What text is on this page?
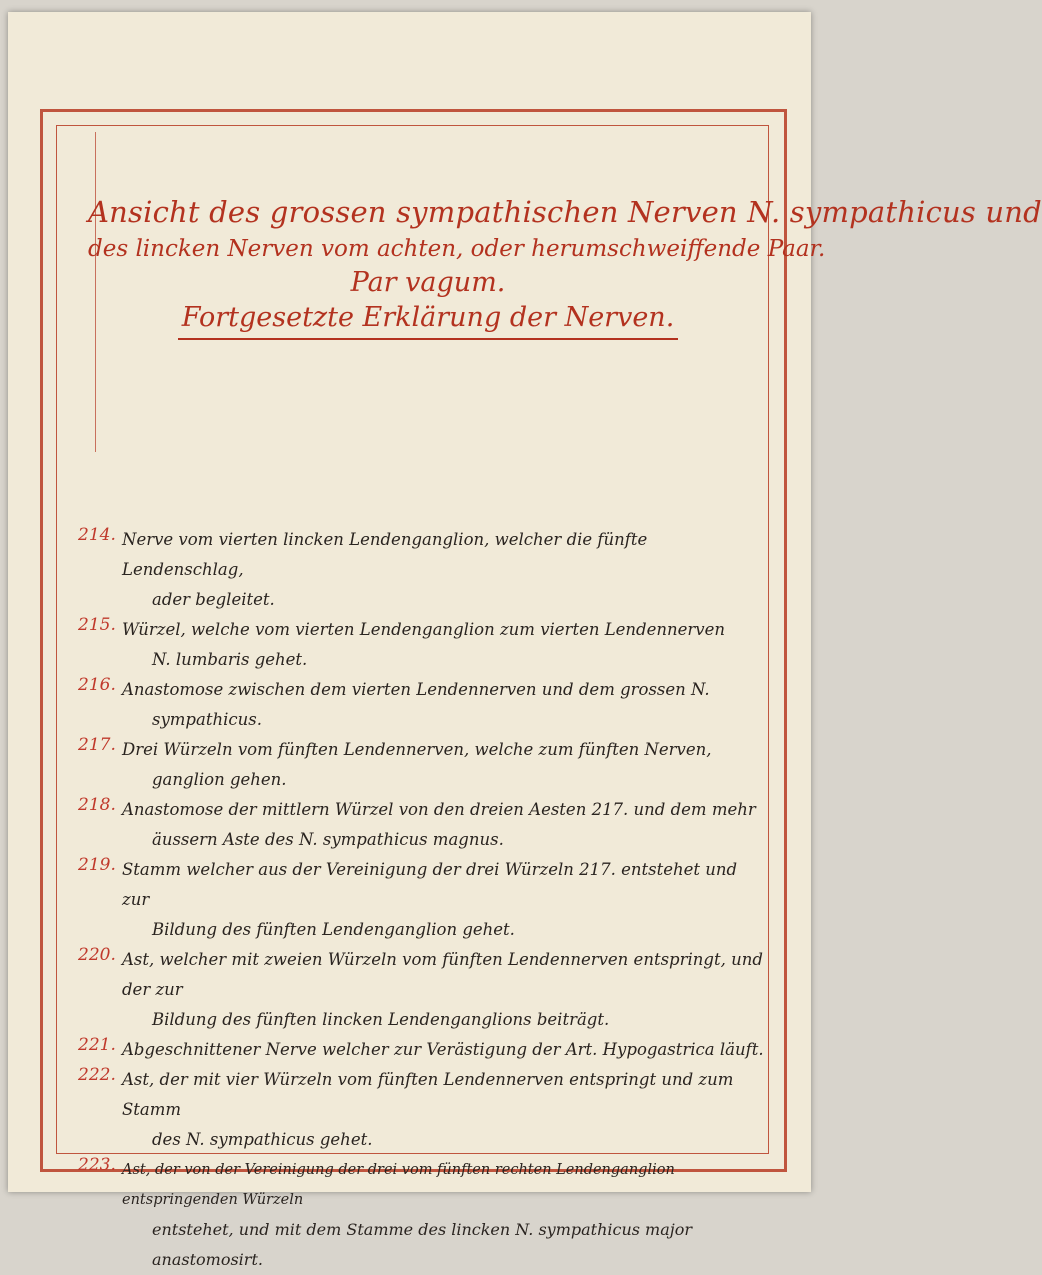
Ansicht des grossen sympathischen Nerven N. sympathicus und
des lincken Nerven vom achten, oder herumschweiffende Paar.
Par vagum.
Fortgesetzte Erklärung der Nerven.
214. Nerve vom vierten lincken Lendenganglion, welcher die fünfte Lendenschlag,
ader begleitet.
215. Würzel, welche vom vierten Lendenganglion zum vierten Lendennerven
N. lumbaris gehet.
216. Anastomose zwischen dem vierten Lendennerven und dem grossen N.
sympathicus.
217. Drei Würzeln vom fünften Lendennerven, welche zum fünften Nerven,
ganglion gehen.
218. Anastomose der mittlern Würzel von den dreien Aesten 217. und dem mehr
äussern Aste des N. sympathicus magnus.
219. Stamm welcher aus der Vereinigung der drei Würzeln 217. entstehet und zur
Bildung des fünften Lendenganglion gehet.
220. Ast, welcher mit zweien Würzeln vom fünften Lendennerven entspringt, und der zur
Bildung des fünften lincken Lendenganglions beiträgt.
221. Abgeschnittener Nerve welcher zur Verästigung der Art. Hypogastrica läuft.
222. Ast, der mit vier Würzeln vom fünften Lendennerven entspringt und zum Stamm
des N. sympathicus gehet.
223. Ast, der von der Vereinigung der drei vom fünften rechten Lendenganglion entspringenden Würzeln
entstehet, und mit dem Stamme des lincken N. sympathicus major anastomosirt.
